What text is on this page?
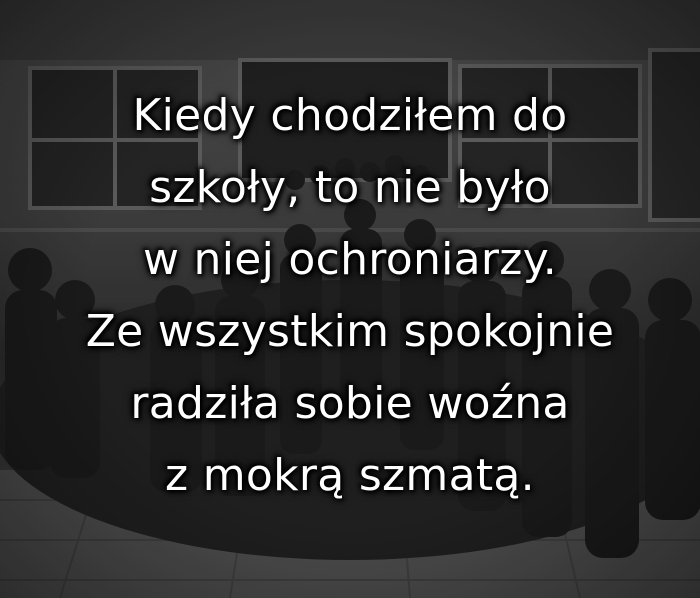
Kiedy chodziłem do
szkoły, to nie było
w niej ochroniarzy.
Ze wszystkim spokojnie
radziła sobie woźna
z mokrą szmatą.
